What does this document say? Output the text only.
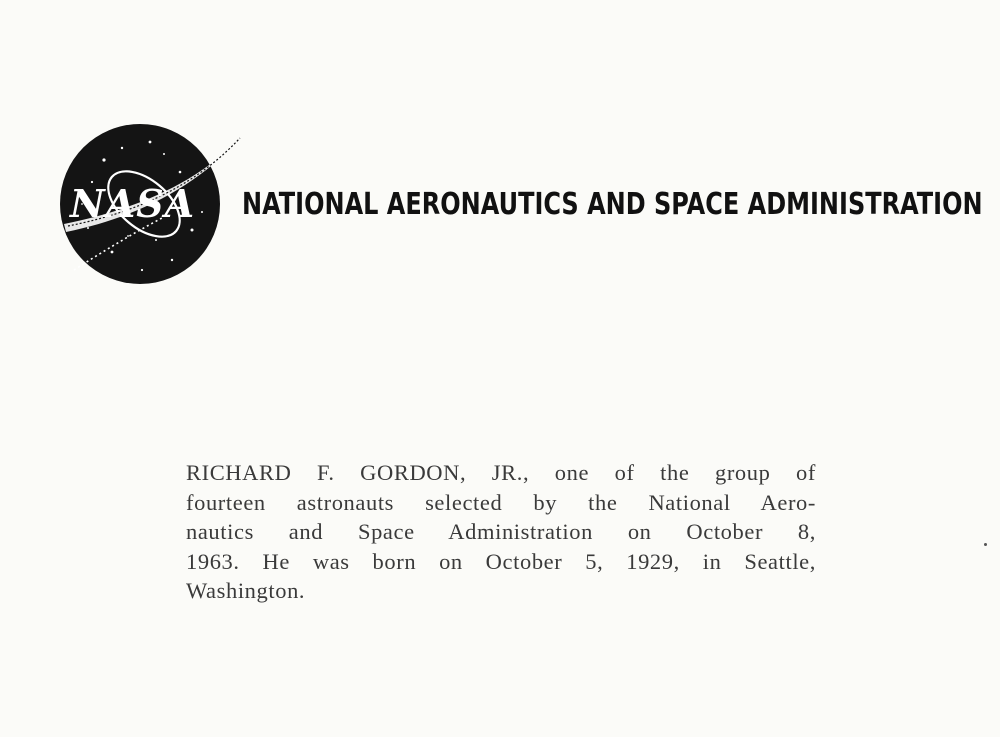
NASA NATIONAL AERONAUTICS AND SPACE ADMINISTRATION
RICHARD F. GORDON, JR., one of the group of
fourteen astronauts selected by the National Aero-
nautics and Space Administration on October 8,
1963. He was born on October 5, 1929, in Seattle,
Washington.
